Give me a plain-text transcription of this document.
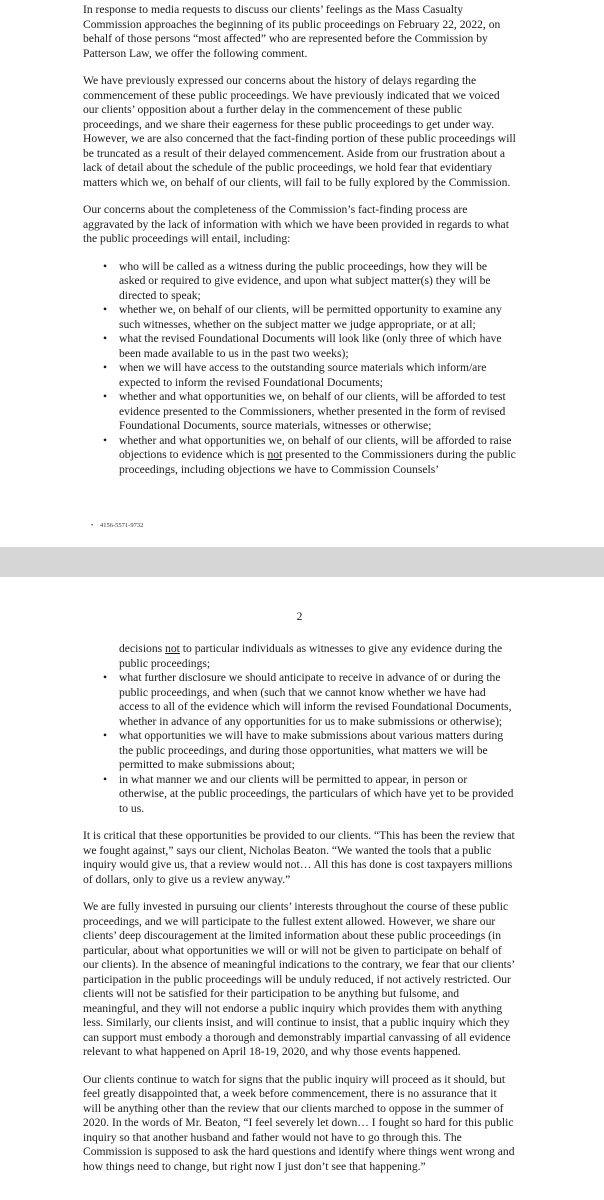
In response to media requests to discuss our clients’ feelings as the Mass Casualty Commission approaches the beginning of its public proceedings on February 22, 2022, on behalf of those persons “most affected” who are represented before the Commission by Patterson Law, we offer the following comment.

We have previously expressed our concerns about the history of delays regarding the commencement of these public proceedings. We have previously indicated that we voiced our clients’ opposition about a further delay in the commencement of these public proceedings, and we share their eagerness for these public proceedings to get under way. However, we are also concerned that the fact-finding portion of these public proceedings will be truncated as a result of their delayed commencement. Aside from our frustration about a lack of detail about the schedule of the public proceedings, we hold fear that evidentiary matters which we, on behalf of our clients, will fail to be fully explored by the Commission.

Our concerns about the completeness of the Commission’s fact-finding process are aggravated by the lack of information with which we have been provided in regards to what the public proceedings will entail, including:

•	who will be called as a witness during the public proceedings, how they will be asked or required to give evidence, and upon what subject matter(s) they will be directed to speak;
•	whether we, on behalf of our clients, will be permitted opportunity to examine any such witnesses, whether on the subject matter we judge appropriate, or at all;
•	what the revised Foundational Documents will look like (only three of which have been made available to us in the past two weeks);
•	when we will have access to the outstanding source materials which inform/are expected to inform the revised Foundational Documents;
•	whether and what opportunities we, on behalf of our clients, will be afforded to test evidence presented to the Commissioners, whether presented in the form of revised Foundational Documents, source materials, witnesses or otherwise;
•	whether and what opportunities we, on behalf of our clients, will be afforded to raise objections to evidence which is not presented to the Commissioners during the public proceedings, including objections we have to Commission Counsels’
• 4156-5571-9732
2
decisions not to particular individuals as witnesses to give any evidence during the public proceedings;
•	what further disclosure we should anticipate to receive in advance of or during the public proceedings, and when (such that we cannot know whether we have had access to all of the evidence which will inform the revised Foundational Documents, whether in advance of any opportunities for us to make submissions or otherwise);
•	what opportunities we will have to make submissions about various matters during the public proceedings, and during those opportunities, what matters we will be permitted to make submissions about;
•	in what manner we and our clients will be permitted to appear, in person or otherwise, at the public proceedings, the particulars of which have yet to be provided to us.

It is critical that these opportunities be provided to our clients. “This has been the review that we fought against,” says our client, Nicholas Beaton. “We wanted the tools that a public inquiry would give us, that a review would not… All this has done is cost taxpayers millions of dollars, only to give us a review anyway.”

We are fully invested in pursuing our clients’ interests throughout the course of these public proceedings, and we will participate to the fullest extent allowed. However, we share our clients’ deep discouragement at the limited information about these public proceedings (in particular, about what opportunities we will or will not be given to participate on behalf of our clients). In the absence of meaningful indications to the contrary, we fear that our clients’ participation in the public proceedings will be unduly reduced, if not actively restricted. Our clients will not be satisfied for their participation to be anything but fulsome, and meaningful, and they will not endorse a public inquiry which provides them with anything less. Similarly, our clients insist, and will continue to insist, that a public inquiry which they can support must embody a thorough and demonstrably impartial canvassing of all evidence relevant to what happened on April 18-19, 2020, and why those events happened.

Our clients continue to watch for signs that the public inquiry will proceed as it should, but feel greatly disappointed that, a week before commencement, there is no assurance that it will be anything other than the review that our clients marched to oppose in the summer of 2020. In the words of Mr. Beaton, “I feel severely let down… I fought so hard for this public inquiry so that another husband and father would not have to go through this. The Commission is supposed to ask the hard questions and identify where things went wrong and how things need to change, but right now I just don’t see that happening.”
